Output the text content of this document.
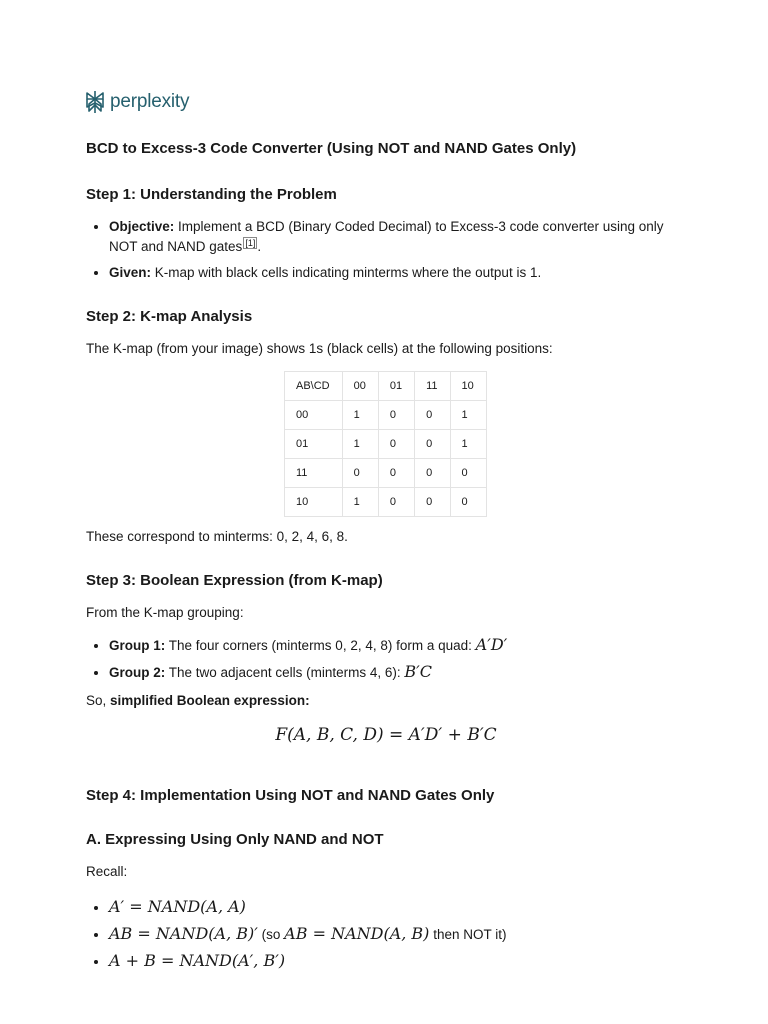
perplexity
BCD to Excess-3 Code Converter (Using NOT and NAND Gates Only)
Step 1: Understanding the Problem
• Objective: Implement a BCD (Binary Coded Decimal) to Excess-3 code converter using only NOT and NAND gates [1] .
• Given: K-map with black cells indicating minterms where the output is 1.
Step 2: K-map Analysis

The K-map (from your image) shows 1s (black cells) at the following positions:

AB\CD	00	01	11	10
00	1	0	0	1
01	1	0	0	1
11	0	0	0	0
10	1	0	0	0

These correspond to minterms: 0, 2, 4, 6, 8.

Step 3: Boolean Expression (from K-map)

From the K-map grouping:

• Group 1: The four corners (minterms 0, 2, 4, 8) form a quad: A′D′
• Group 2: The two adjacent cells (minterms 4, 6): B′C

So, simplified Boolean expression:

F(A, B, C, D) = A′D′ + B′C

Step 4: Implementation Using NOT and NAND Gates Only
A. Expressing Using Only NAND and NOT

Recall:

• A′ = NAND(A, A)
• AB = NAND(A, B)′ (so AB = NAND(A, B) then NOT it)
• A + B = NAND(A′, B′)
